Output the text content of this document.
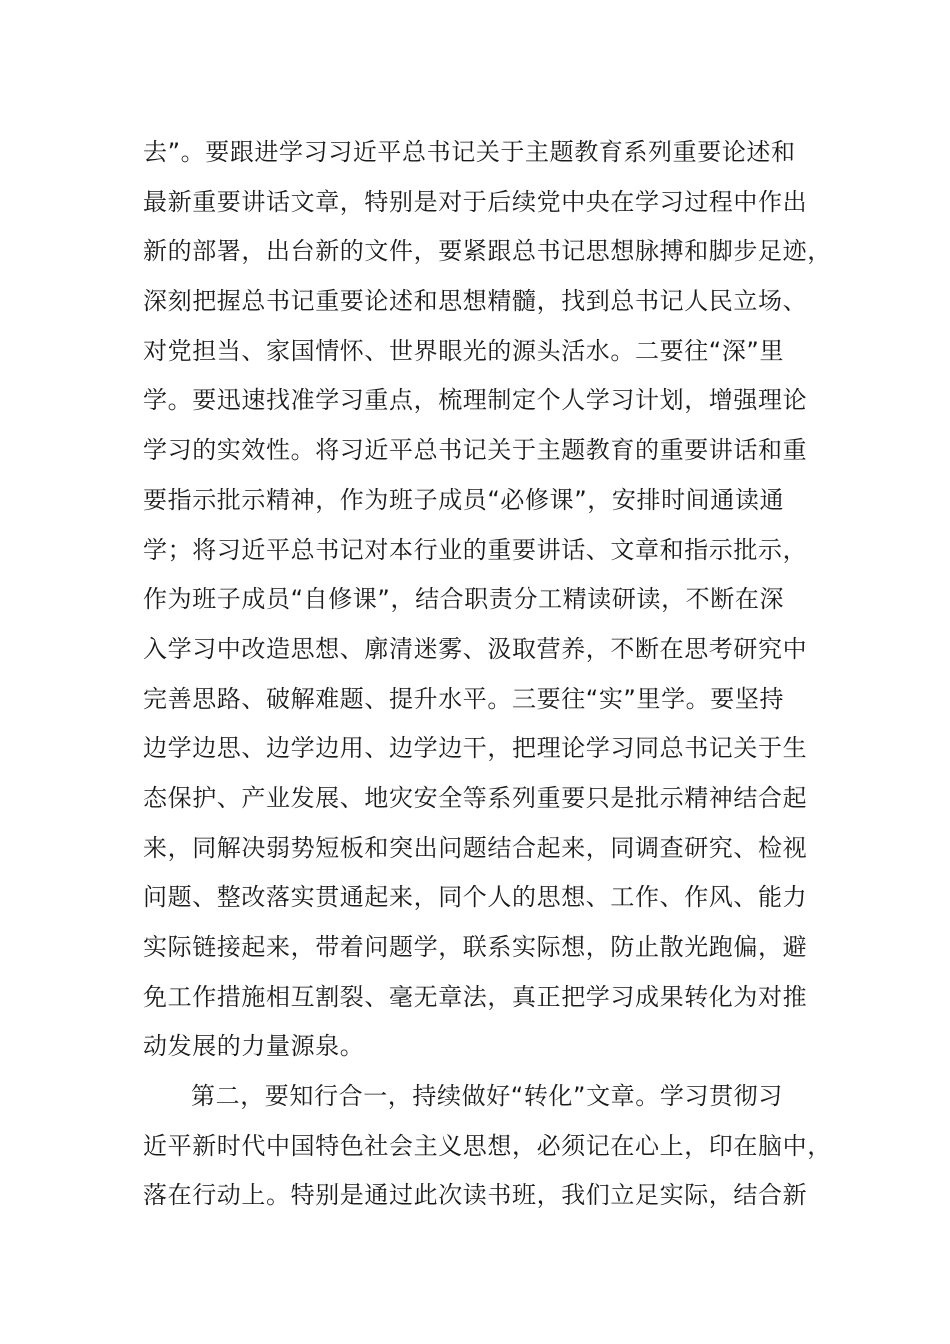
去”。要跟进学习习近平总书记关于主题教育系列重要论述和
最新重要讲话文章，特别是对于后续党中央在学习过程中作出
新的部署，出台新的文件，要紧跟总书记思想脉搏和脚步足迹，
深刻把握总书记重要论述和思想精髓，找到总书记人民立场、
对党担当、家国情怀、世界眼光的源头活水。二要往“深”里
学。要迅速找准学习重点，梳理制定个人学习计划，增强理论
学习的实效性。将习近平总书记关于主题教育的重要讲话和重
要指示批示精神，作为班子成员“必修课”，安排时间通读通
学；将习近平总书记对本行业的重要讲话、文章和指示批示，
作为班子成员“自修课”，结合职责分工精读研读，不断在深
入学习中改造思想、廓清迷雾、汲取营养，不断在思考研究中
完善思路、破解难题、提升水平。三要往“实”里学。要坚持
边学边思、边学边用、边学边干，把理论学习同总书记关于生
态保护、产业发展、地灾安全等系列重要只是批示精神结合起
来，同解决弱势短板和突出问题结合起来，同调查研究、检视
问题、整改落实贯通起来，同个人的思想、工作、作风、能力
实际链接起来，带着问题学，联系实际想，防止散光跑偏，避
免工作措施相互割裂、毫无章法，真正把学习成果转化为对推
动发展的力量源泉。
第二，要知行合一，持续做好“转化”文章。学习贯彻习
近平新时代中国特色社会主义思想，必须记在心上，印在脑中，
落在行动上。特别是通过此次读书班，我们立足实际，结合新
